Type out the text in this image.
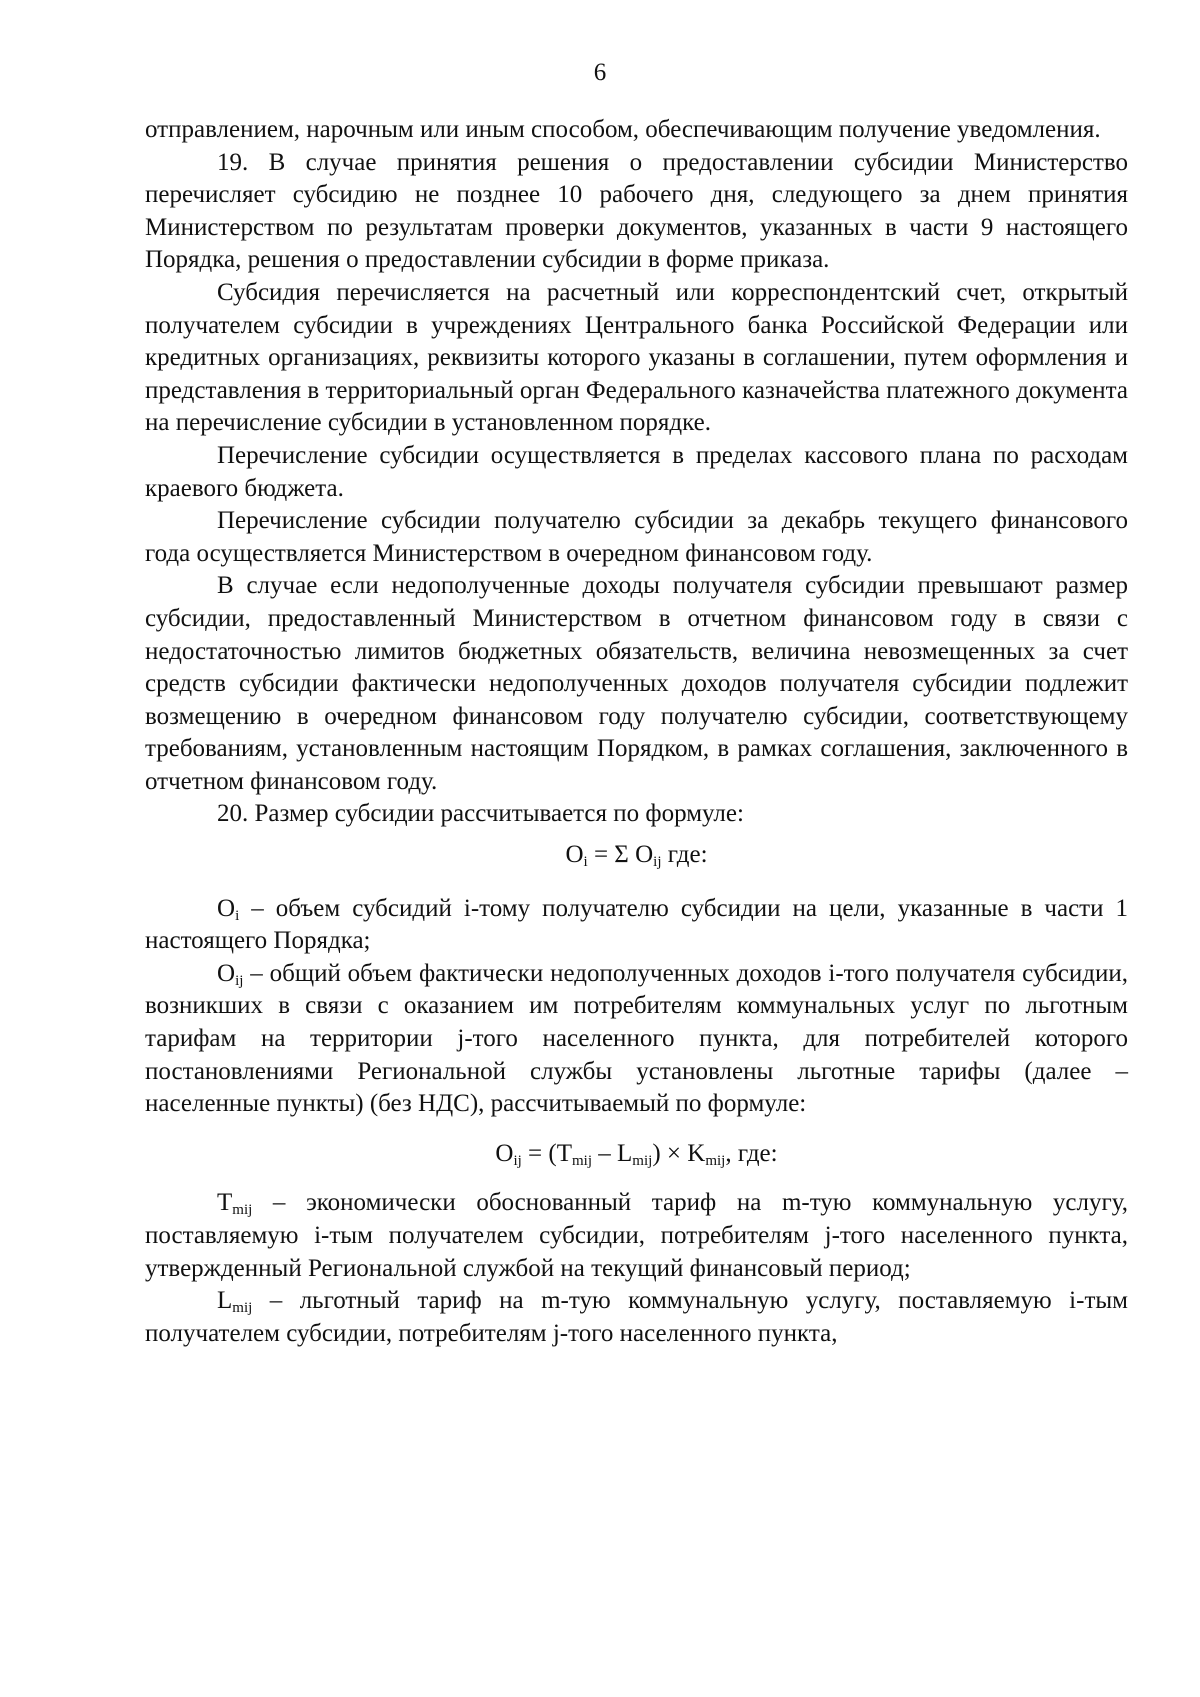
6

отправлением, нарочным или иным способом, обеспечивающим получение уведомления.

19. В случае принятия решения о предоставлении субсидии Министерство перечисляет субсидию не позднее 10 рабочего дня, следующего за днем принятия Министерством по результатам проверки документов, указанных в части 9 настоящего Порядка, решения о предоставлении субсидии в форме приказа.

Субсидия перечисляется на расчетный или корреспондентский счет, открытый получателем субсидии в учреждениях Центрального банка Российской Федерации или кредитных организациях, реквизиты которого указаны в соглашении, путем оформления и представления в территориальный орган Федерального казначейства платежного документа на перечисление субсидии в установленном порядке.

Перечисление субсидии осуществляется в пределах кассового плана по расходам краевого бюджета.

Перечисление субсидии получателю субсидии за декабрь текущего финансового года осуществляется Министерством в очередном финансовом году.

В случае если недополученные доходы получателя субсидии превышают размер субсидии, предоставленный Министерством в отчетном финансовом году в связи с недостаточностью лимитов бюджетных обязательств, величина невозмещенных за счет средств субсидии фактически недополученных доходов получателя субсидии подлежит возмещению в очередном финансовом году получателю субсидии, соответствующему требованиям, установленным настоящим Порядком, в рамках соглашения, заключенного в отчетном финансовом году.

20. Размер субсидии рассчитывается по формуле:

$О_i = \Sigma$ $О_{ij}$ где:

$О_i$ – объем субсидий i-тому получателю субсидии на цели, указанные в части 1 настоящего Порядка;

$О_{ij}$ – общий объем фактически недополученных доходов i-того получателя субсидии, возникших в связи с оказанием им потребителям коммунальных услуг по льготным тарифам на территории j-того населенного пункта, для потребителей которого постановлениями Региональной службы установлены льготные тарифы (далее – населенные пункты) (без НДС), рассчитываемый по формуле:

$О_{ij} = (Т_{mij} - L_{mij}) \times K_{mij}$, где:

$Т_{mij}$ – экономически обоснованный тариф на m-тую коммунальную услугу, поставляемую i-тым получателем субсидии, потребителям j-того населенного пункта, утвержденный Региональной службой на текущий финансовый период;

$L_{mij}$ – льготный тариф на m-тую коммунальную услугу, поставляемую i-тым получателем субсидии, потребителям j-того населенного пункта,
